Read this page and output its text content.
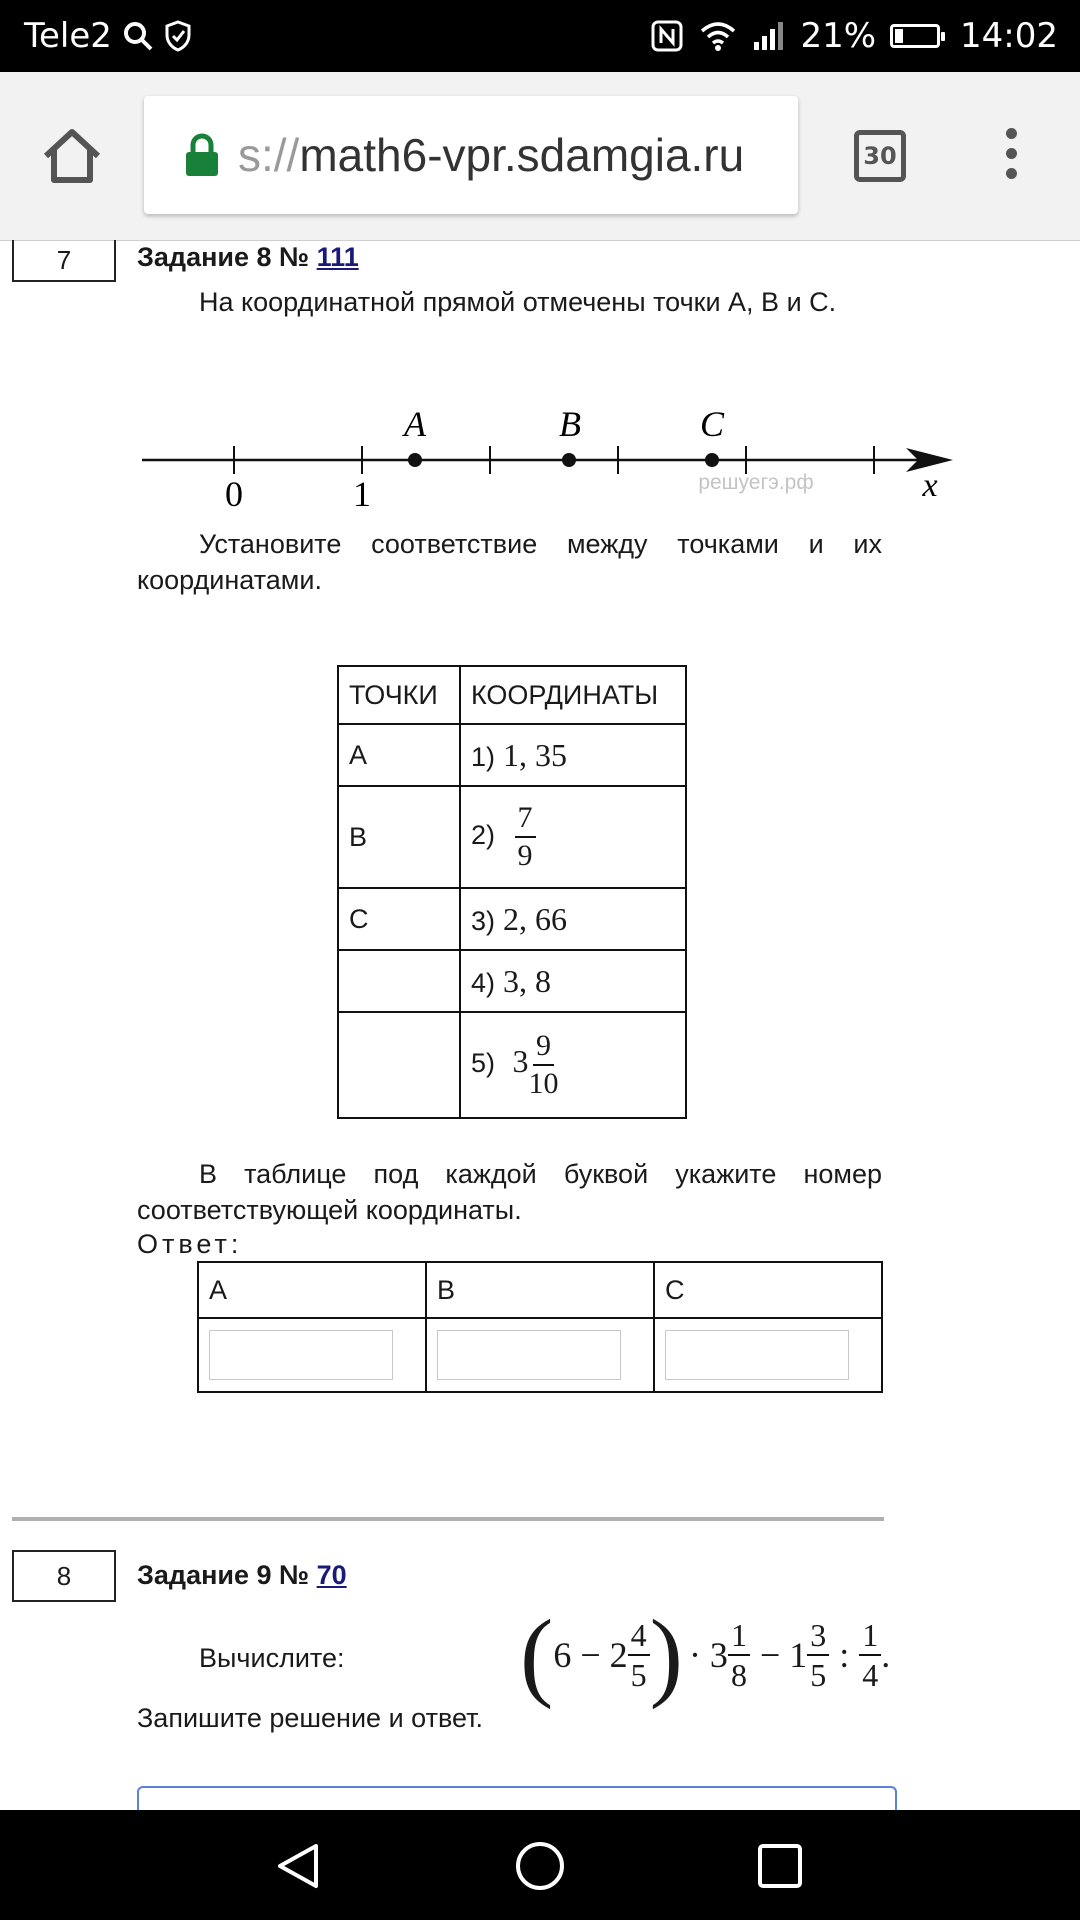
Tele2	21% 14:02
s://math6-vpr.sdamgia.ru	30
7	Задание 8 № 111
На координатной прямой отмечены точки A, B и C.
0	1
A	B	C
x
решуегэ.рф
Установите соответствие между точками и их координатами.
ТОЧКИ	КООРДИНАТЫ
A	1) 1, 35
B	$2) \frac{7}{9}$

C	3) 2, 66
	4) 3, 8
	5) $3 \frac{9}{10}$
В таблице под каждой буквой укажите номер соответствующей координаты.
Ответ:
A	B	C

8	Задание 9 № 70
Вычислите:	( $6 - 2 \frac{4}{5}$ ) · $3 \frac{1}{8} - 1 \frac{3}{5}$ : $\frac{1}{4}$ .
Запишите решение и ответ.
